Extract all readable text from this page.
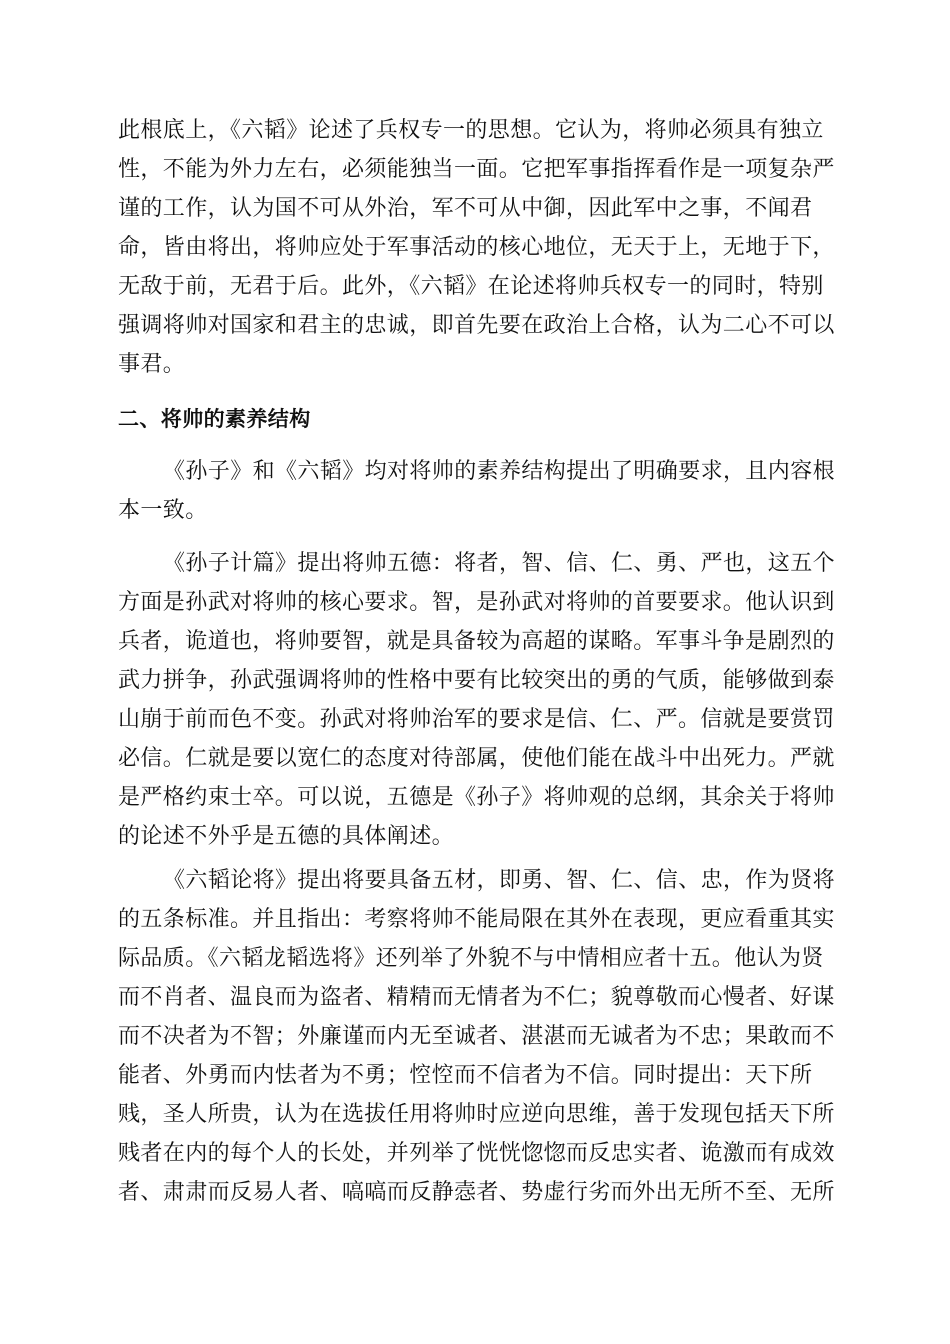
此根底上，《六韬》论述了兵权专一的思想。它认为，将帅必须具有独立
性，不能为外力左右，必须能独当一面。它把军事指挥看作是一项复杂严
谨的工作，认为国不可从外治，军不可从中御，因此军中之事，不闻君
命，皆由将出，将帅应处于军事活动的核心地位，无天于上，无地于下，
无敌于前，无君于后。此外，《六韬》在论述将帅兵权专一的同时，特别
强调将帅对国家和君主的忠诚，即首先要在政治上合格，认为二心不可以
事君。
二、将帅的素养结构
《孙子》和《六韬》均对将帅的素养结构提出了明确要求，且内容根
本一致。
《孙子计篇》提出将帅五德：将者，智、信、仁、勇、严也，这五个
方面是孙武对将帅的核心要求。智，是孙武对将帅的首要要求。他认识到
兵者，诡道也，将帅要智，就是具备较为高超的谋略。军事斗争是剧烈的
武力拼争，孙武强调将帅的性格中要有比较突出的勇的气质，能够做到泰
山崩于前而色不变。孙武对将帅治军的要求是信、仁、严。信就是要赏罚
必信。仁就是要以宽仁的态度对待部属，使他们能在战斗中出死力。严就
是严格约束士卒。可以说，五德是《孙子》将帅观的总纲，其余关于将帅
的论述不外乎是五德的具体阐述。
《六韬论将》提出将要具备五材，即勇、智、仁、信、忠，作为贤将
的五条标准。并且指出：考察将帅不能局限在其外在表现，更应看重其实
际品质。《六韬龙韬选将》还列举了外貌不与中情相应者十五。他认为贤
而不肖者、温良而为盗者、精精而无情者为不仁；貌尊敬而心慢者、好谋
而不决者为不智；外廉谨而内无至诚者、湛湛而无诚者为不忠；果敢而不
能者、外勇而内怯者为不勇；悾悾而不信者为不信。同时提出：天下所
贱，圣人所贵，认为在选拔任用将帅时应逆向思维，善于发现包括天下所
贱者在内的每个人的长处，并列举了恍恍惚惚而反忠实者、诡激而有成效
者、肃肃而反易人者、嗃嗃而反静悫者、势虚行劣而外出无所不至、无所
